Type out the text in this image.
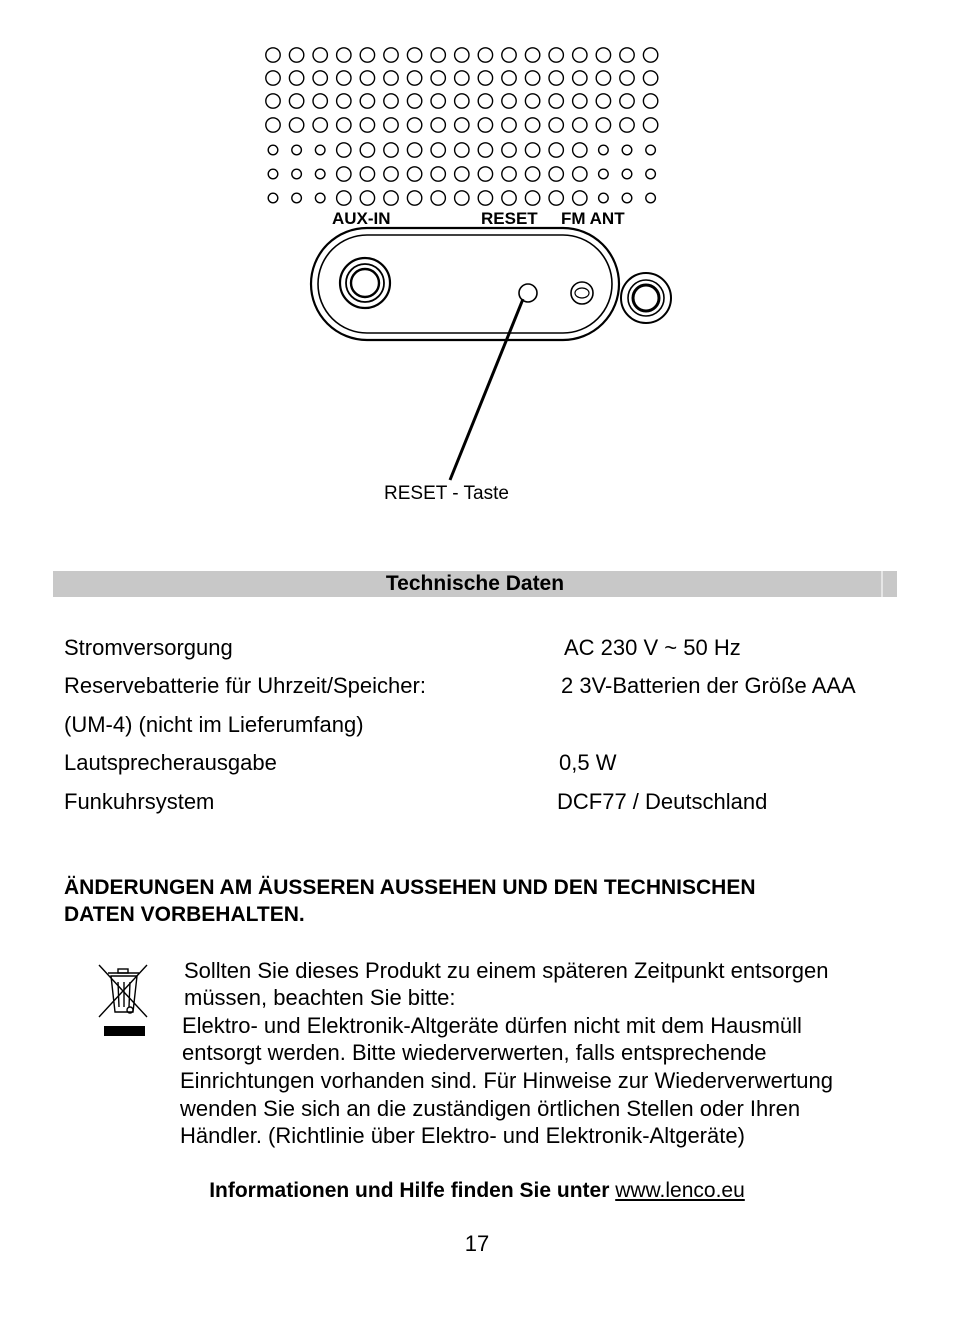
AUX-IN	RESET FM ANT
RESET - Taste
Technische Daten
Stromversorgung	AC 230 V ~ 50 Hz
Reservebatterie für Uhrzeit/Speicher:	2 3V-Batterien der Größe AAA
(UM-4) (nicht im Lieferumfang)
Lautsprecherausgabe	0,5 W
Funkuhrsystem	DCF77 / Deutschland
ÄNDERUNGEN AM ÄUSSEREN AUSSEHEN UND DEN TECHNISCHEN
DATEN VORBEHALTEN.
Sollten Sie dieses Produkt zu einem späteren Zeitpunkt entsorgen
müssen, beachten Sie bitte:
Elektro- und Elektronik-Altgeräte dürfen nicht mit dem Hausmüll
entsorgt werden. Bitte wiederverwerten, falls entsprechende
Einrichtungen vorhanden sind. Für Hinweise zur Wiederverwertung
wenden Sie sich an die zuständigen örtlichen Stellen oder Ihren
Händler. (Richtlinie über Elektro- und Elektronik-Altgeräte)
Informationen und Hilfe finden Sie unter www.lenco.eu
17
